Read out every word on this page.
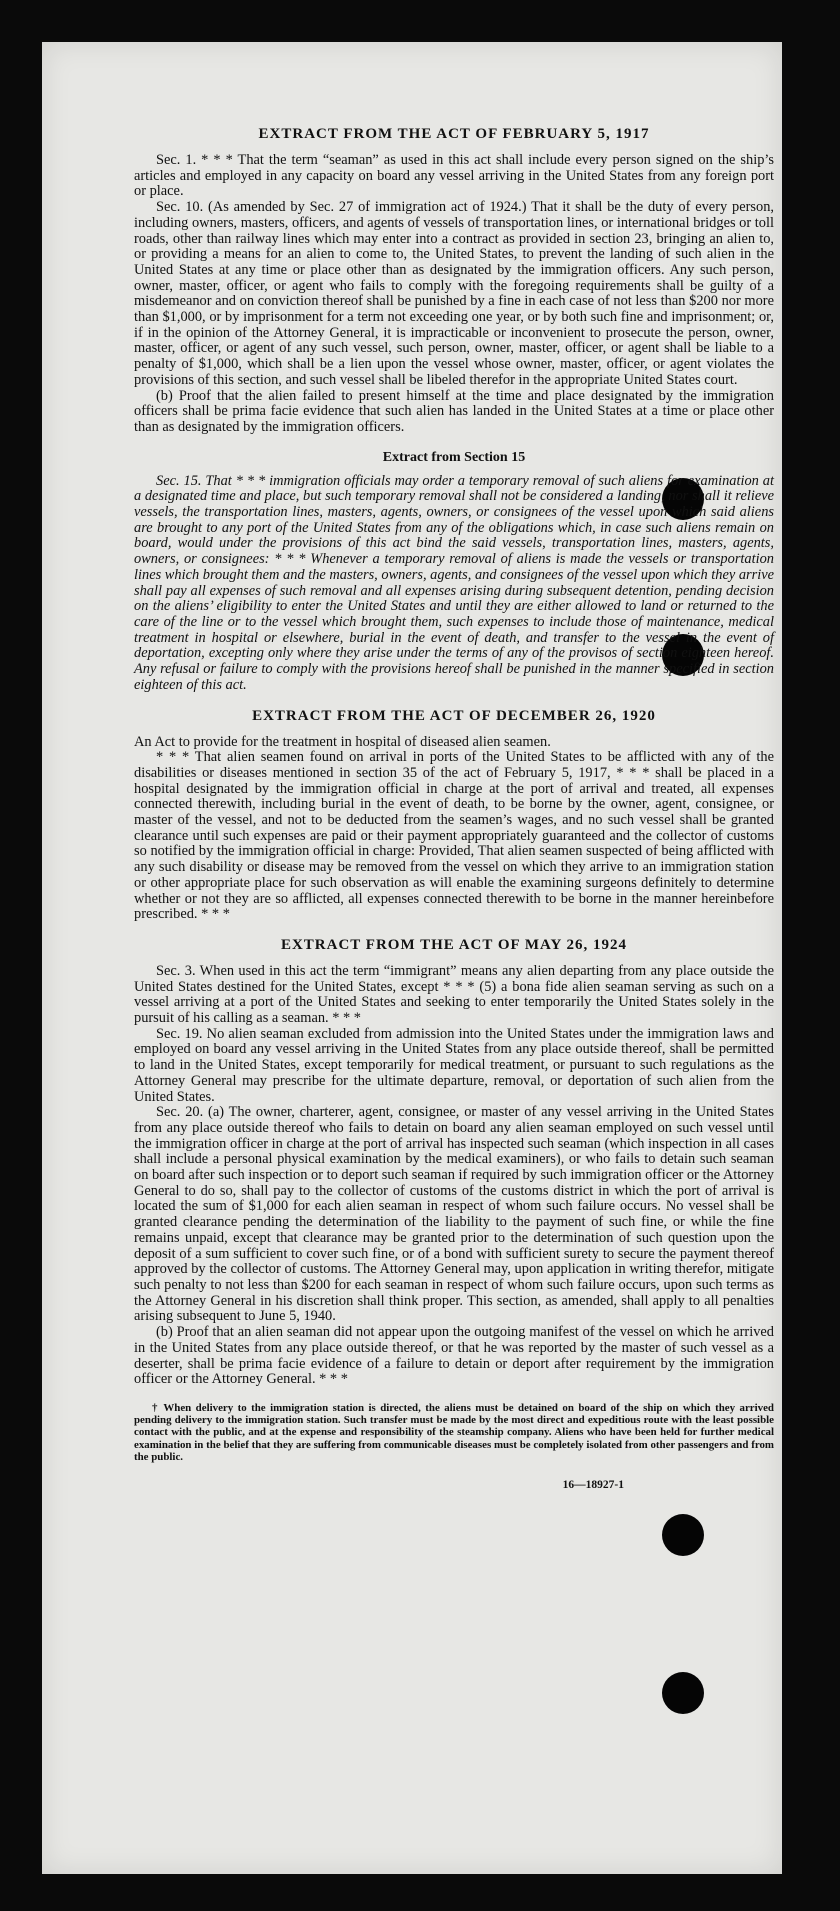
EXTRACT FROM THE ACT OF FEBRUARY 5, 1917

Sec. 1. * * * That the term “seaman” as used in this act shall include every person signed on the ship’s articles and employed in any capacity on board any vessel arriving in the United States from any foreign port or place.

Sec. 10. (As amended by Sec. 27 of immigration act of 1924.) That it shall be the duty of every person, including owners, masters, officers, and agents of vessels of transportation lines, or international bridges or toll roads, other than railway lines which may enter into a contract as provided in section 23, bringing an alien to, or providing a means for an alien to come to, the United States, to prevent the landing of such alien in the United States at any time or place other than as designated by the immigration officers. Any such person, owner, master, officer, or agent who fails to comply with the foregoing requirements shall be guilty of a misdemeanor and on conviction thereof shall be punished by a fine in each case of not less than $200 nor more than $1,000, or by imprisonment for a term not exceeding one year, or by both such fine and imprisonment; or, if in the opinion of the Attorney General, it is impracticable or inconvenient to prosecute the person, owner, master, officer, or agent of any such vessel, such person, owner, master, officer, or agent shall be liable to a penalty of $1,000, which shall be a lien upon the vessel whose owner, master, officer, or agent violates the provisions of this section, and such vessel shall be libeled therefor in the appropriate United States court.

(b) Proof that the alien failed to present himself at the time and place designated by the immigration officers shall be prima facie evidence that such alien has landed in the United States at a time or place other than as designated by the immigration officers.

Extract from Section 15

Sec. 15. That * * * immigration officials may order a temporary removal of such aliens for examination at a designated time and place, but such temporary removal shall not be considered a landing, nor shall it relieve vessels, the transportation lines, masters, agents, owners, or consignees of the vessel upon which said aliens are brought to any port of the United States from any of the obligations which, in case such aliens remain on board, would under the provisions of this act bind the said vessels, transportation lines, masters, agents, owners, or consignees: * * * Whenever a temporary removal of aliens is made the vessels or transportation lines which brought them and the masters, owners, agents, and consignees of the vessel upon which they arrive shall pay all expenses of such removal and all expenses arising during subsequent detention, pending decision on the aliens’ eligibility to enter the United States and until they are either allowed to land or returned to the care of the line or to the vessel which brought them, such expenses to include those of maintenance, medical treatment in hospital or elsewhere, burial in the event of death, and transfer to the vessel in the event of deportation, excepting only where they arise under the terms of any of the provisos of section eighteen hereof. Any refusal or failure to comply with the provisions hereof shall be punished in the manner specified in section eighteen of this act.

EXTRACT FROM THE ACT OF DECEMBER 26, 1920

An Act to provide for the treatment in hospital of diseased alien seamen.

* * * That alien seamen found on arrival in ports of the United States to be afflicted with any of the disabilities or diseases mentioned in section 35 of the act of February 5, 1917, * * * shall be placed in a hospital designated by the immigration official in charge at the port of arrival and treated, all expenses connected therewith, including burial in the event of death, to be borne by the owner, agent, consignee, or master of the vessel, and not to be deducted from the seamen’s wages, and no such vessel shall be granted clearance until such expenses are paid or their payment appropriately guaranteed and the collector of customs so notified by the immigration official in charge: Provided, That alien seamen suspected of being afflicted with any such disability or disease may be removed from the vessel on which they arrive to an immigration station or other appropriate place for such observation as will enable the examining surgeons definitely to determine whether or not they are so afflicted, all expenses connected therewith to be borne in the manner hereinbefore prescribed. * * *

EXTRACT FROM THE ACT OF MAY 26, 1924

Sec. 3. When used in this act the term “immigrant” means any alien departing from any place outside the United States destined for the United States, except * * * (5) a bona fide alien seaman serving as such on a vessel arriving at a port of the United States and seeking to enter temporarily the United States solely in the pursuit of his calling as a seaman. * * *

Sec. 19. No alien seaman excluded from admission into the United States under the immigration laws and employed on board any vessel arriving in the United States from any place outside thereof, shall be permitted to land in the United States, except temporarily for medical treatment, or pursuant to such regulations as the Attorney General may prescribe for the ultimate departure, removal, or deportation of such alien from the United States.

Sec. 20. (a) The owner, charterer, agent, consignee, or master of any vessel arriving in the United States from any place outside thereof who fails to detain on board any alien seaman employed on such vessel until the immigration officer in charge at the port of arrival has inspected such seaman (which inspection in all cases shall include a personal physical examination by the medical examiners), or who fails to detain such seaman on board after such inspection or to deport such seaman if required by such immigration officer or the Attorney General to do so, shall pay to the collector of customs of the customs district in which the port of arrival is located the sum of $1,000 for each alien seaman in respect of whom such failure occurs. No vessel shall be granted clearance pending the determination of the liability to the payment of such fine, or while the fine remains unpaid, except that clearance may be granted prior to the determination of such question upon the deposit of a sum sufficient to cover such fine, or of a bond with sufficient surety to secure the payment thereof approved by the collector of customs. The Attorney General may, upon application in writing therefor, mitigate such penalty to not less than $200 for each seaman in respect of whom such failure occurs, upon such terms as the Attorney General in his discretion shall think proper. This section, as amended, shall apply to all penalties arising subsequent to June 5, 1940.

(b) Proof that an alien seaman did not appear upon the outgoing manifest of the vessel on which he arrived in the United States from any place outside thereof, or that he was reported by the master of such vessel as a deserter, shall be prima facie evidence of a failure to detain or deport after requirement by the immigration officer or the Attorney General. * * *

† When delivery to the immigration station is directed, the aliens must be detained on board of the ship on which they arrived pending delivery to the immigration station. Such transfer must be made by the most direct and expeditious route with the least possible contact with the public, and at the expense and responsibility of the steamship company. Aliens who have been held for further medical examination in the belief that they are suffering from communicable diseases must be completely isolated from other passengers and from the public.

16—18927-1
